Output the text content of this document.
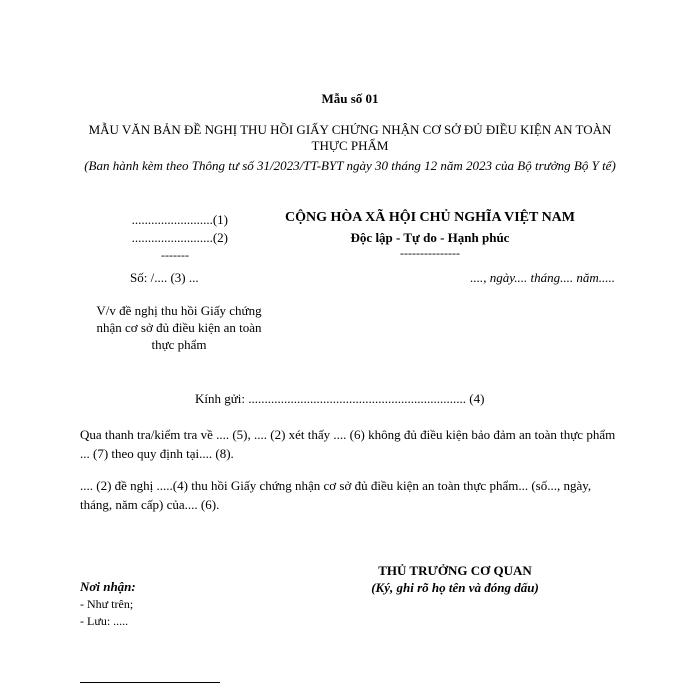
Mẫu số 01
MẪU VĂN BẢN ĐỀ NGHỊ THU HỒI GIẤY CHỨNG NHẬN CƠ SỞ ĐỦ ĐIỀU KIỆN AN TOÀN THỰC PHẨM
(Ban hành kèm theo Thông tư số 31/2023/TT-BYT ngày 30 tháng 12 năm 2023 của Bộ trưởng Bộ Y tế)
.........................(1)
.........................(2)
-------
CỘNG HÒA XÃ HỘI CHỦ NGHĨA VIỆT NAM
Độc lập - Tự do - Hạnh phúc
---------------
Số: /.... (3) ...	...., ngày.... tháng.... năm.....
V/v đề nghị thu hồi Giấy chứng nhận cơ sở đủ điều kiện an toàn thực phẩm
Kính gửi: ................................................................... (4)
Qua thanh tra/kiểm tra về .... (5), .... (2) xét thấy .... (6) không đủ điều kiện bảo đảm an toàn thực phẩm ... (7) theo quy định tại.... (8).
.... (2) đề nghị .....(4) thu hồi Giấy chứng nhận cơ sở đủ điều kiện an toàn thực phẩm... (số..., ngày, tháng, năm cấp) của.... (6).
THỦ TRƯỞNG CƠ QUAN
(Ký, ghi rõ họ tên và đóng dấu)
Nơi nhận:
- Như trên;
- Lưu: .....
